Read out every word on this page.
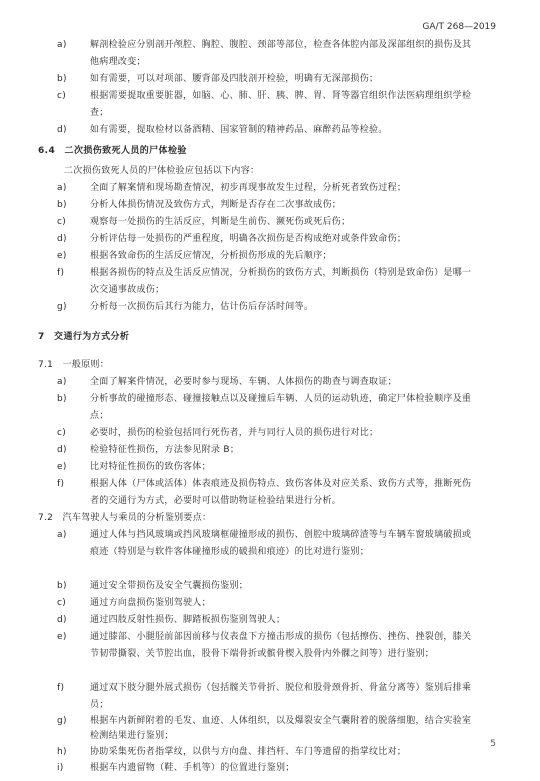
GA/T 268—2019
a)	解剖检验应分别剖开颅腔、胸腔、腹腔、颈部等部位，检查各体腔内部及深部组织的损伤及其他病理改变；
b)	如有需要，可以对项部、腰背部及四肢剖开检验，明确有无深部损伤；
c)	根据需要提取重要脏器，如脑、心、肺、肝、胰、脾、胃、肾等器官组织作法医病理组织学检查；
d)	如有需要，提取检材以备酒精、国家管制的精神药品、麻醉药品等检验。
6.4　二次损伤致死人员的尸体检验
二次损伤致死人员的尸体检验应包括以下内容：
a)	全面了解案情和现场勘查情况，初步再现事故发生过程，分析死者致伤过程；
b)	分析人体损伤情况及致伤方式，判断是否存在二次事故成伤；
c)	观察每一处损伤的生活反应，判断是生前伤、濒死伤或死后伤；
d)	分析评估每一处损伤的严重程度，明确各次损伤是否构成绝对或条件致命伤；
e)	根据各致命伤的生活反应情况，分析损伤形成的先后顺序；
f)	根据各损伤的特点及生活反应情况，分析损伤的致伤方式，判断损伤（特别是致命伤）是哪一次交通事故成伤；
g)	分析每一次损伤后其行为能力，估计伤后存活时间等。
7　交通行为方式分析
7.1　一般原则：
a)	全面了解案件情况，必要时参与现场、车辆、人体损伤的勘查与调查取证；
b)	分析事故的碰撞形态、碰撞接触点以及碰撞后车辆、人员的运动轨迹，确定尸体检验顺序及重点；
c)	必要时，损伤的检验包括同行死伤者，并与同行人员的损伤进行对比；
d)	检验特征性损伤，方法参见附录 B；
e)	比对特征性损伤的致伤客体；
f)	根据人体（尸体或活体）体表痕迹及损伤特点、致伤客体及对应关系、致伤方式等，推断死伤者的交通行为方式，必要时可以借助物证检验结果进行分析。
7.2　汽车驾驶人与乘员的分析鉴别要点：
a)	通过人体与挡风玻璃或挡风玻璃框碰撞形成的损伤、创腔中玻璃碎渣等与车辆车窗玻璃破损或痕迹（特别是与软件客体碰撞形成的破损和痕迹）的比对进行鉴别；
b)	通过安全带损伤及安全气囊损伤鉴别；
c)	通过方向盘损伤鉴别驾驶人；
d)	通过四肢反射性损伤、脚踏板损伤鉴别驾驶人；
e)	通过膝部、小腿胫前部因前移与仪表盘下方撞击形成的损伤（包括擦伤、挫伤、挫裂创，膝关节韧带撕裂、关节腔出血，股骨下端骨折或髌骨楔入股骨内外髁之间等）进行鉴别；
f)	通过双下肢分腿外展式损伤（包括髋关节骨折、脱位和股骨颈骨折、骨盆分离等）鉴别后排乘员；
g)	根据车内新鲜附着的毛发、血迹、人体组织，以及爆裂安全气囊附着的脱落细胞，结合实验室检测结果进行鉴别；
h)	协助采集死伤者指掌纹，以供与方向盘、排挡杆、车门等遗留的指掌纹比对；
i)	根据车内遗留物（鞋、手机等）的位置进行鉴别；
5
